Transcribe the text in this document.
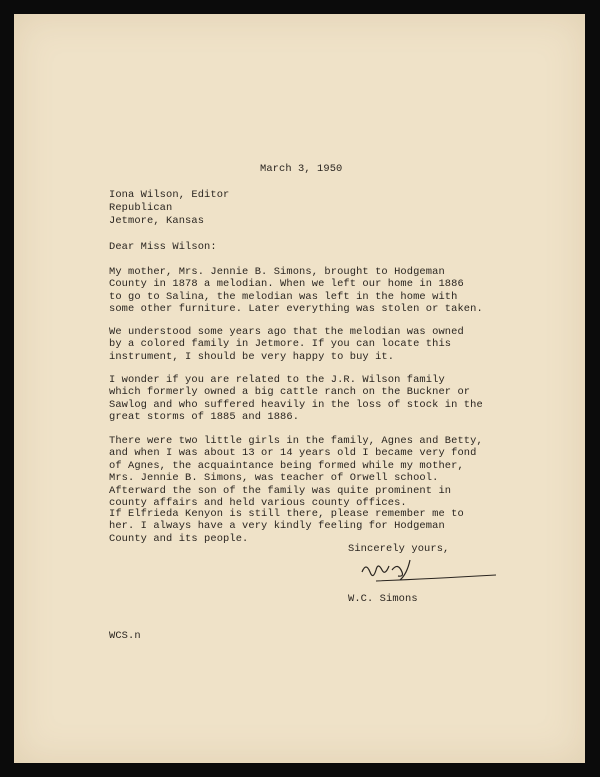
March 3, 1950
Iona Wilson, Editor
Republican
Jetmore, Kansas
Dear Miss Wilson:
My mother, Mrs. Jennie B. Simons, brought to Hodgeman
County in 1878 a melodian. When we left our home in 1886
to go to Salina, the melodian was left in the home with
some other furniture. Later everything was stolen or taken.
We understood some years ago that the melodian was owned
by a colored family in Jetmore. If you can locate this
instrument, I should be very happy to buy it.
I wonder if you are related to the J.R. Wilson family
which formerly owned a big cattle ranch on the Buckner or
Sawlog and who suffered heavily in the loss of stock in the
great storms of 1885 and 1886.
There were two little girls in the family, Agnes and Betty,
and when I was about 13 or 14 years old I became very fond
of Agnes, the acquaintance being formed while my mother,
Mrs. Jennie B. Simons, was teacher of Orwell school.
Afterward the son of the family was quite prominent in
county affairs and held various county offices.
If Elfrieda Kenyon is still there, please remember me to
her. I always have a very kindly feeling for Hodgeman
County and its people.
Sincerely yours,
W.C. Simons
WCS.n
